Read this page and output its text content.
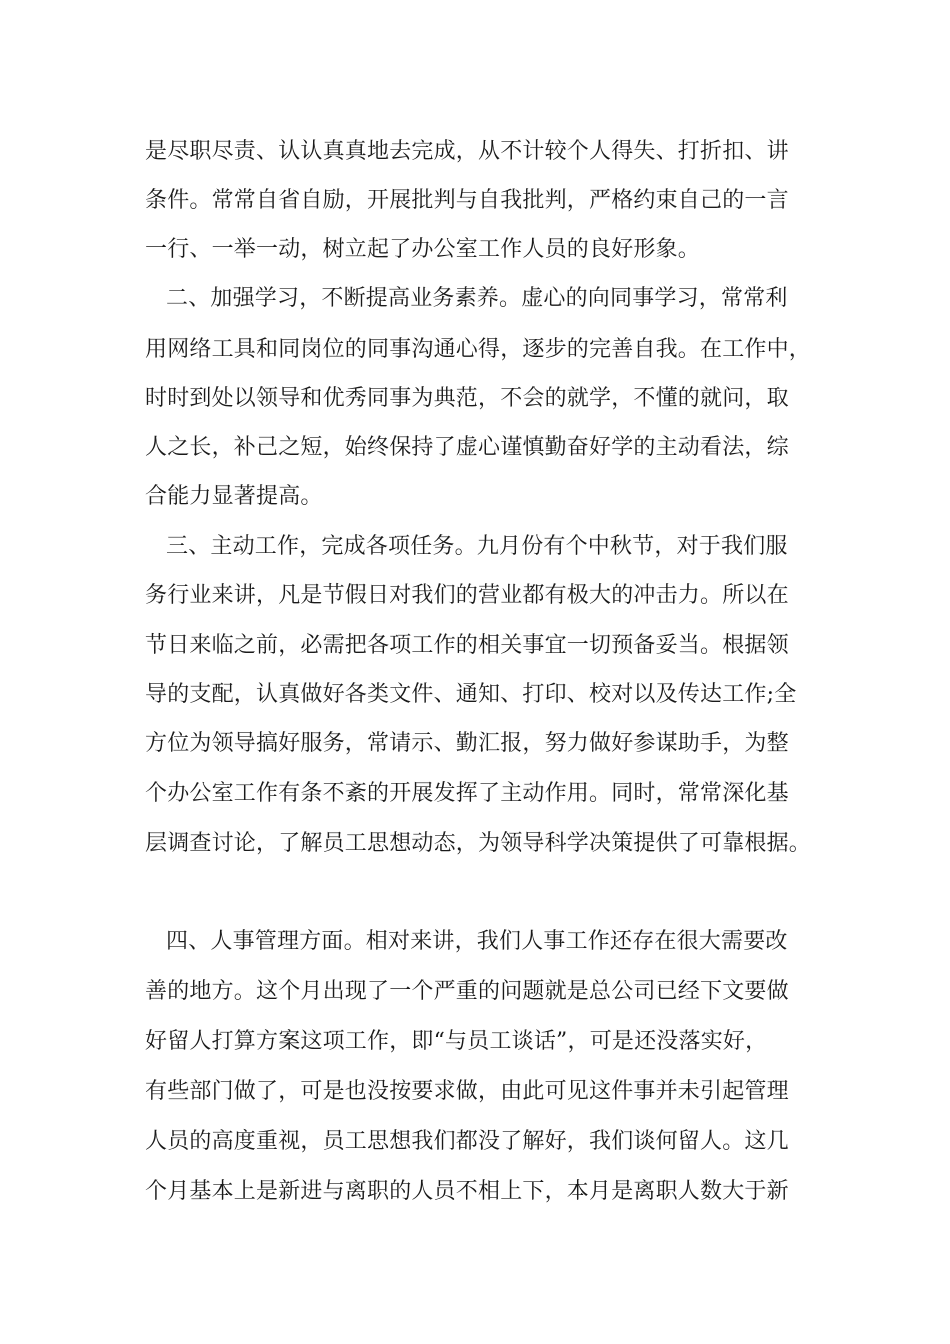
是尽职尽责、认认真真地去完成，从不计较个人得失、打折扣、讲
条件。常常自省自励，开展批判与自我批判，严格约束自己的一言
一行、一举一动，树立起了办公室工作人员的良好形象。
二、加强学习，不断提高业务素养。虚心的向同事学习，常常利
用网络工具和同岗位的同事沟通心得，逐步的完善自我。在工作中，
时时到处以领导和优秀同事为典范，不会的就学，不懂的就问，取
人之长，补己之短，始终保持了虚心谨慎勤奋好学的主动看法，综
合能力显著提高。
三、主动工作，完成各项任务。九月份有个中秋节，对于我们服
务行业来讲，凡是节假日对我们的营业都有极大的冲击力。所以在
节日来临之前，必需把各项工作的相关事宜一切预备妥当。根据领
导的支配，认真做好各类文件、通知、打印、校对以及传达工作;全
方位为领导搞好服务，常请示、勤汇报，努力做好参谋助手，为整
个办公室工作有条不紊的开展发挥了主动作用。同时，常常深化基
层调查讨论，了解员工思想动态，为领导科学决策提供了可靠根据。
四、人事管理方面。相对来讲，我们人事工作还存在很大需要改
善的地方。这个月出现了一个严重的问题就是总公司已经下文要做
好留人打算方案这项工作，即“与员工谈话”，可是还没落实好，
有些部门做了，可是也没按要求做，由此可见这件事并未引起管理
人员的高度重视，员工思想我们都没了解好，我们谈何留人。这几
个月基本上是新进与离职的人员不相上下，本月是离职人数大于新
